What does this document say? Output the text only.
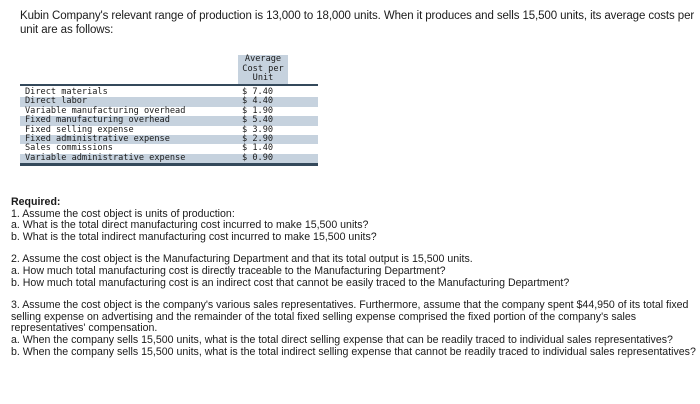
Kubin Company's relevant range of production is 13,000 to 18,000 units. When it produces and sells 15,500 units, its average costs per unit are as follows:
Average
Cost per
Unit
Direct materials	$ 7.40
Direct labor	$ 4.40
Variable manufacturing overhead	$ 1.90
Fixed manufacturing overhead	$ 5.40
Fixed selling expense	$ 3.90
Fixed administrative expense	$ 2.90
Sales commissions	$ 1.40
Variable administrative expense	$ 0.90
Required:

1. Assume the cost object is units of production:

a. What is the total direct manufacturing cost incurred to make 15,500 units?

b. What is the total indirect manufacturing cost incurred to make 15,500 units?

2. Assume the cost object is the Manufacturing Department and that its total output is 15,500 units.

a. How much total manufacturing cost is directly traceable to the Manufacturing Department?

b. How much total manufacturing cost is an indirect cost that cannot be easily traced to the Manufacturing Department?

3. Assume the cost object is the company's various sales representatives. Furthermore, assume that the company spent $44,950 of its total fixed selling expense on advertising and the remainder of the total fixed selling expense comprised the fixed portion of the company's sales representatives' compensation.

a. When the company sells 15,500 units, what is the total direct selling expense that can be readily traced to individual sales representatives?

b. When the company sells 15,500 units, what is the total indirect selling expense that cannot be readily traced to individual sales representatives?
